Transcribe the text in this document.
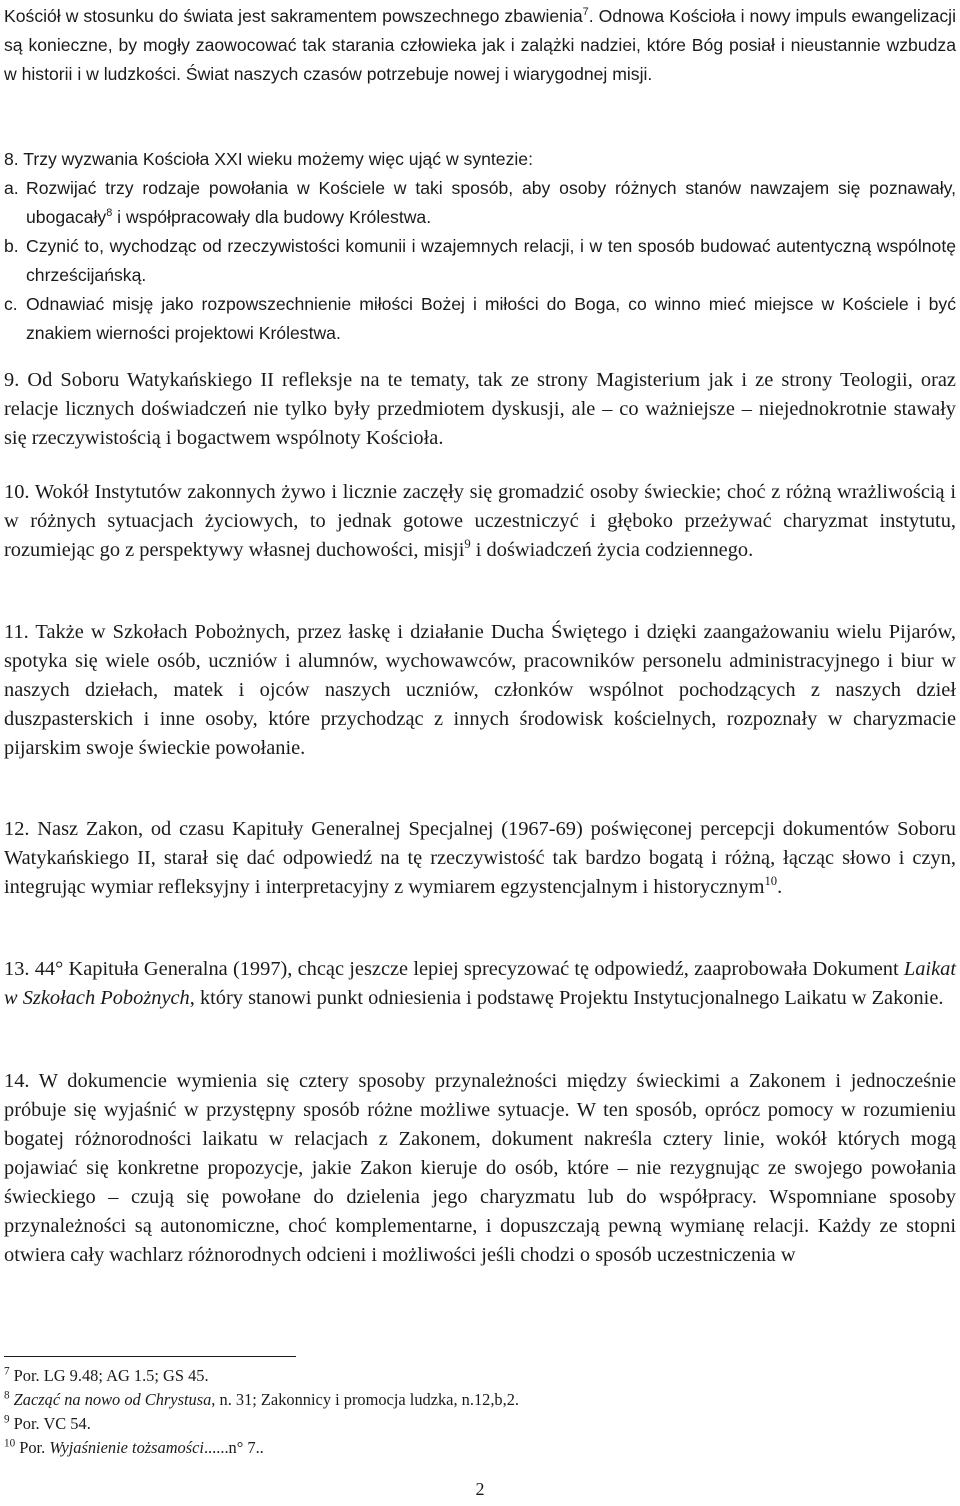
Kościół w stosunku do świata jest sakramentem powszechnego zbawienia$^7$. Odnowa Kościoła i nowy impuls ewangelizacji są konieczne, by mogły zaowocować tak starania człowieka jak i zalążki nadziei, które Bóg posiał i nieustannie wzbudza w historii i w ludzkości. Świat naszych czasów potrzebuje nowej i wiarygodnej misji.

8. Trzy wyzwania Kościoła XXI wieku możemy więc ująć w syntezie:
a. Rozwijać trzy rodzaje powołania w Kościele w taki sposób, aby osoby różnych stanów nawzajem się poznawały, ubogacały$^8$ i współpracowały dla budowy Królestwa.
b. Czynić to, wychodząc od rzeczywistości komunii i wzajemnych relacji, i w ten sposób budować autentyczną wspólnotę chrześcijańską.
c. Odnawiać misję jako rozpowszechnienie miłości Bożej i miłości do Boga, co winno mieć miejsce w Kościele i być znakiem wierności projektowi Królestwa.

9. Od Soboru Watykańskiego II refleksje na te tematy, tak ze strony Magisterium jak i ze strony Teologii, oraz relacje licznych doświadczeń nie tylko były przedmiotem dyskusji, ale – co ważniejsze – niejednokrotnie stawały się rzeczywistością i bogactwem wspólnoty Kościoła.

10. Wokół Instytutów zakonnych żywo i licznie zaczęły się gromadzić osoby świeckie; choć z różną wrażliwością i w różnych sytuacjach życiowych, to jednak gotowe uczestniczyć i głęboko przeżywać charyzmat instytutu, rozumiejąc go z perspektywy własnej duchowości, misji$^9$ i doświadczeń życia codziennego.

11. Także w Szkołach Pobożnych, przez łaskę i działanie Ducha Świętego i dzięki zaangażowaniu wielu Pijarów, spotyka się wiele osób, uczniów i alumnów, wychowawców, pracowników personelu administracyjnego i biur w naszych dziełach, matek i ojców naszych uczniów, członków wspólnot pochodzących z naszych dzieł duszpasterskich i inne osoby, które przychodząc z innych środowisk kościelnych, rozpoznały w charyzmacie pijarskim swoje świeckie powołanie.

12. Nasz Zakon, od czasu Kapituły Generalnej Specjalnej (1967-69) poświęconej percepcji dokumentów Soboru Watykańskiego II, starał się dać odpowiedź na tę rzeczywistość tak bardzo bogatą i różną, łącząc słowo i czyn, integrując wymiar refleksyjny i interpretacyjny z wymiarem egzystencjalnym i historycznym$^{10}$.

13. 44° Kapituła Generalna (1997), chcąc jeszcze lepiej sprecyzować tę odpowiedź, zaaprobowała Dokument Laikat w Szkołach Pobożnych, który stanowi punkt odniesienia i podstawę Projektu Instytucjonalnego Laikatu w Zakonie.

14. W dokumencie wymienia się cztery sposoby przynależności między świeckimi a Zakonem i jednocześnie próbuje się wyjaśnić w przystępny sposób różne możliwe sytuacje. W ten sposób, oprócz pomocy w rozumieniu bogatej różnorodności laikatu w relacjach z Zakonem, dokument nakreśla cztery linie, wokół których mogą pojawiać się konkretne propozycje, jakie Zakon kieruje do osób, które – nie rezygnując ze swojego powołania świeckiego – czują się powołane do dzielenia jego charyzmatu lub do współpracy. Wspomniane sposoby przynależności są autonomiczne, choć komplementarne, i dopuszczają pewną wymianę relacji. Każdy ze stopni otwiera cały wachlarz różnorodnych odcieni i możliwości jeśli chodzi o sposób uczestniczenia w

$^7$ Por. LG 9.48; AG 1.5; GS 45.
$^8$ Zacząć na nowo od Chrystusa, n. 31; Zakonnicy i promocja ludzka, n.12,b,2.
$^9$ Por. VC 54.
$^{10}$ Por. Wyjaśnienie tożsamości......n° 7..
2
